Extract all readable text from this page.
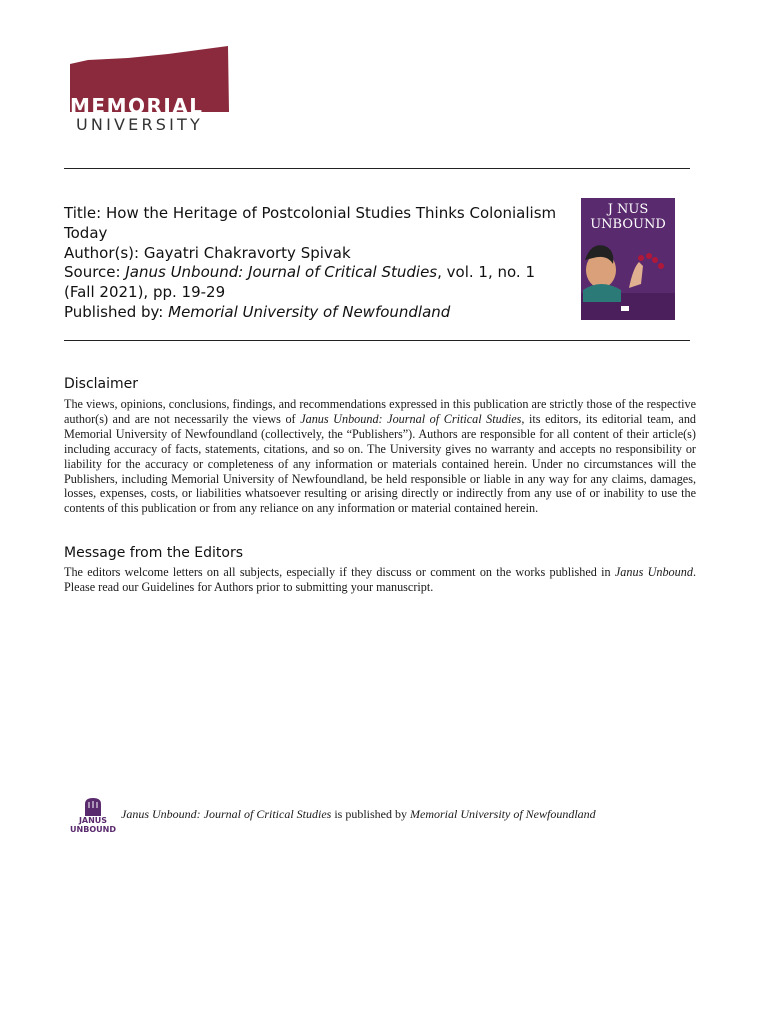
MEMORIAL
UNIVERSITY
Title: How the Heritage of Postcolonial Studies Thinks Colonialism Today
Author(s): Gayatri Chakravorty Spivak
Source: Janus Unbound: Journal of Critical Studies, vol. 1, no. 1
(Fall 2021), pp. 19-29
Published by: Memorial University of Newfoundland
J NUS
UNBOUND
Disclaimer
The views, opinions, conclusions, findings, and recommendations expressed in this publication are strictly those of the respective author(s) and are not necessarily the views of Janus Unbound: Journal of Critical Studies, its editors, its editorial team, and Memorial University of Newfoundland (collectively, the “Publishers”). Authors are responsible for all content of their article(s) including accuracy of facts, statements, citations, and so on. The University gives no warranty and accepts no responsibility or liability for the accuracy or completeness of any information or materials contained herein. Under no circumstances will the Publishers, including Memorial University of Newfoundland, be held responsible or liable in any way for any claims, damages, losses, expenses, costs, or liabilities whatsoever resulting or arising directly or indirectly from any use of or inability to use the contents of this publication or from any reliance on any information or material contained herein.
Message from the Editors
The editors welcome letters on all subjects, especially if they discuss or comment on the works published in Janus Unbound. Please read our Guidelines for Authors prior to submitting your manuscript.
JANUS
UNBOUND
Janus Unbound: Journal of Critical Studies is published by Memorial University of Newfoundland
